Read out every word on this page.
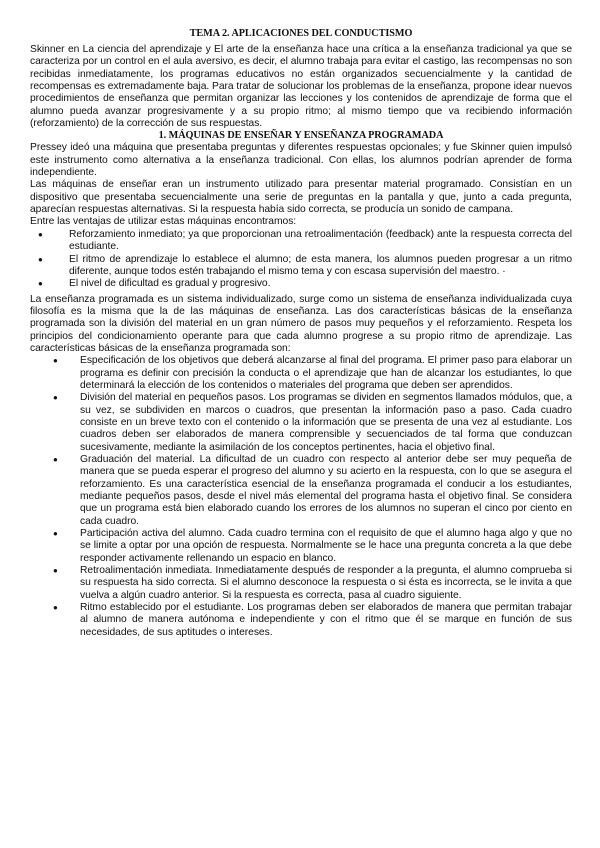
TEMA 2. APLICACIONES DEL CONDUCTISMO

Skinner en La ciencia del aprendizaje y El arte de la enseñanza hace una crítica a la enseñanza tradicional ya que se caracteriza por un control en el aula aversivo, es decir, el alumno trabaja para evitar el castigo, las recompensas no son recibidas inmediatamente, los programas educativos no están organizados secuencialmente y la cantidad de recompensas es extremadamente baja. Para tratar de solucionar los problemas de la enseñanza, propone idear nuevos procedimientos de enseñanza que permitan organizar las lecciones y los contenidos de aprendizaje de forma que el alumno pueda avanzar progresivamente y a su propio ritmo; al mismo tiempo que va recibiendo información (reforzamiento) de la corrección de sus respuestas.

1. MÁQUINAS DE ENSEÑAR Y ENSEÑANZA PROGRAMADA

Pressey ideó una máquina que presentaba preguntas y diferentes respuestas opcionales; y fue Skinner quien impulsó este instrumento como alternativa a la enseñanza tradicional. Con ellas, los alumnos podrían aprender de forma independiente.

Las máquinas de enseñar eran un instrumento utilizado para presentar material programado. Consistían en un dispositivo que presentaba secuencialmente una serie de preguntas en la pantalla y que, junto a cada pregunta, aparecían respuestas alternativas. Si la respuesta había sido correcta, se producía un sonido de campana.

Entre las ventajas de utilizar estas máquinas encontramos:

● Reforzamiento inmediato; ya que proporcionan una retroalimentación (feedback) ante la respuesta correcta del estudiante.
● El ritmo de aprendizaje lo establece el alumno; de esta manera, los alumnos pueden progresar a un ritmo diferente, aunque todos estén trabajando el mismo tema y con escasa supervisión del maestro. ·
● El nivel de dificultad es gradual y progresivo.

La enseñanza programada es un sistema individualizado, surge como un sistema de enseñanza individualizada cuya filosofía es la misma que la de las máquinas de enseñanza. Las dos características básicas de la enseñanza programada son la división del material en un gran número de pasos muy pequeños y el reforzamiento. Respeta los principios del condicionamiento operante para que cada alumno progrese a su propio ritmo de aprendizaje. Las características básicas de la enseñanza programada son:

● Especificación de los objetivos que deberá alcanzarse al final del programa. El primer paso para elaborar un programa es definir con precisión la conducta o el aprendizaje que han de alcanzar los estudiantes, lo que determinará la elección de los contenidos o materiales del programa que deben ser aprendidos.
● División del material en pequeños pasos. Los programas se dividen en segmentos llamados módulos, que, a su vez, se subdividen en marcos o cuadros, que presentan la información paso a paso. Cada cuadro consiste en un breve texto con el contenido o la información que se presenta de una vez al estudiante. Los cuadros deben ser elaborados de manera comprensible y secuenciados de tal forma que conduzcan sucesivamente, mediante la asimilación de los conceptos pertinentes, hacia el objetivo final.
● Graduación del material. La dificultad de un cuadro con respecto al anterior debe ser muy pequeña de manera que se pueda esperar el progreso del alumno y su acierto en la respuesta, con lo que se asegura el reforzamiento. Es una característica esencial de la enseñanza programada el conducir a los estudiantes, mediante pequeños pasos, desde el nivel más elemental del programa hasta el objetivo final. Se considera que un programa está bien elaborado cuando los errores de los alumnos no superan el cinco por ciento en cada cuadro.
● Participación activa del alumno. Cada cuadro termina con el requisito de que el alumno haga algo y que no se limite a optar por una opción de respuesta. Normalmente se le hace una pregunta concreta a la que debe responder activamente rellenando un espacio en blanco.
● Retroalimentación inmediata. Inmediatamente después de responder a la pregunta, el alumno comprueba si su respuesta ha sido correcta. Si el alumno desconoce la respuesta o si ésta es incorrecta, se le invita a que vuelva a algún cuadro anterior. Si la respuesta es correcta, pasa al cuadro siguiente.
● Ritmo establecido por el estudiante. Los programas deben ser elaborados de manera que permitan trabajar al alumno de manera autónoma e independiente y con el ritmo que él se marque en función de sus necesidades, de sus aptitudes o intereses.
